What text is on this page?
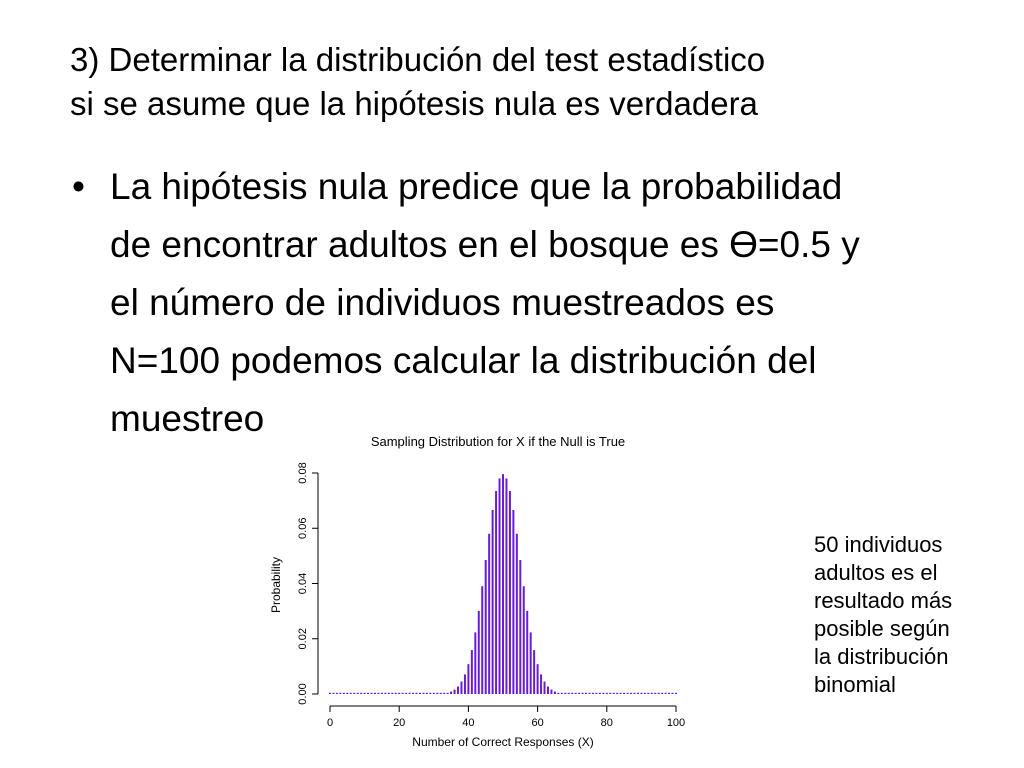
3) Determinar la distribución del test estadístico
si se asume que la hipótesis nula es verdadera
• La hipótesis nula predice que la probabilidad
de encontrar adultos en el bosque es Ɵ=0.5 y
el número de individuos muestreados es
N=100 podemos calcular la distribución del
muestreo
Sampling Distribution for X if the Null is True
0.00
0.02
0.04
0.06
0.08
0	20	40	60	80	100
Number of Correct Responses (X)
Probability
50 individuos
adultos es el
resultado más
posible según
la distribución
binomial
